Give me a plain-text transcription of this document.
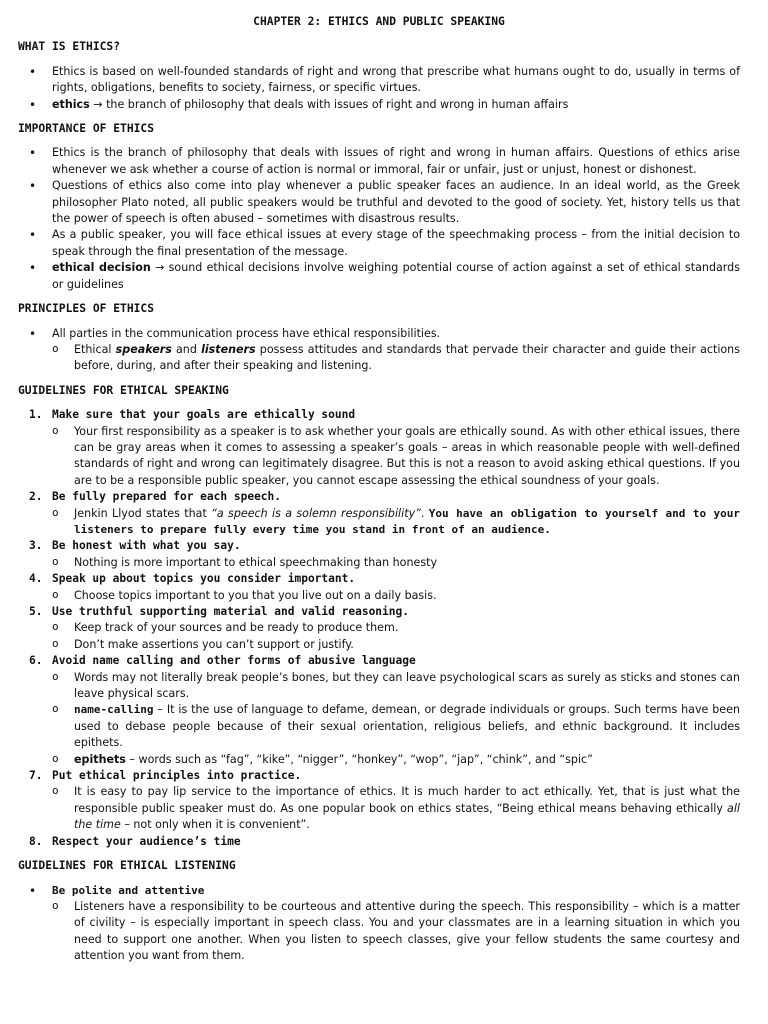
CHAPTER 2: ETHICS AND PUBLIC SPEAKING
WHAT IS ETHICS?
• Ethics is based on well-founded standards of right and wrong that prescribe what humans ought to do, usually in terms of rights, obligations, benefits to society, fairness, or specific virtues.
• ethics → the branch of philosophy that deals with issues of right and wrong in human affairs
IMPORTANCE OF ETHICS
• Ethics is the branch of philosophy that deals with issues of right and wrong in human affairs. Questions of ethics arise whenever we ask whether a course of action is normal or immoral, fair or unfair, just or unjust, honest or dishonest.
• Questions of ethics also come into play whenever a public speaker faces an audience. In an ideal world, as the Greek philosopher Plato noted, all public speakers would be truthful and devoted to the good of society. Yet, history tells us that the power of speech is often abused – sometimes with disastrous results.
• As a public speaker, you will face ethical issues at every stage of the speechmaking process – from the initial decision to speak through the final presentation of the message.
• ethical decision → sound ethical decisions involve weighing potential course of action against a set of ethical standards or guidelines
PRINCIPLES OF ETHICS
• All parties in the communication process have ethical responsibilities.
o Ethical speakers and listeners possess attitudes and standards that pervade their character and guide their actions before, during, and after their speaking and listening.
GUIDELINES FOR ETHICAL SPEAKING
1. Make sure that your goals are ethically sound
o Your first responsibility as a speaker is to ask whether your goals are ethically sound. As with other ethical issues, there can be gray areas when it comes to assessing a speaker’s goals – areas in which reasonable people with well-defined standards of right and wrong can legitimately disagree. But this is not a reason to avoid asking ethical questions. If you are to be a responsible public speaker, you cannot escape assessing the ethical soundness of your goals.
2. Be fully prepared for each speech.
o Jenkin Llyod states that “a speech is a solemn responsibility”. You have an obligation to yourself and to your listeners to prepare fully every time you stand in front of an audience.
3. Be honest with what you say.
o Nothing is more important to ethical speechmaking than honesty
4. Speak up about topics you consider important.
o Choose topics important to you that you live out on a daily basis.
5. Use truthful supporting material and valid reasoning.
o Keep track of your sources and be ready to produce them.
o Don’t make assertions you can’t support or justify.
6. Avoid name calling and other forms of abusive language
o Words may not literally break people’s bones, but they can leave psychological scars as surely as sticks and stones can leave physical scars.
o name-calling – It is the use of language to defame, demean, or degrade individuals or groups. Such terms have been used to debase people because of their sexual orientation, religious beliefs, and ethnic background. It includes epithets.
o epithets – words such as “fag”, “kike”, “nigger”, “honkey”, “wop”, “jap”, “chink”, and “spic”
7. Put ethical principles into practice.
o It is easy to pay lip service to the importance of ethics. It is much harder to act ethically. Yet, that is just what the responsible public speaker must do. As one popular book on ethics states, “Being ethical means behaving ethically all the time – not only when it is convenient”.
8. Respect your audience’s time
GUIDELINES FOR ETHICAL LISTENING
• Be polite and attentive
o Listeners have a responsibility to be courteous and attentive during the speech. This responsibility – which is a matter of civility – is especially important in speech class. You and your classmates are in a learning situation in which you need to support one another. When you listen to speech classes, give your fellow students the same courtesy and attention you want from them.
